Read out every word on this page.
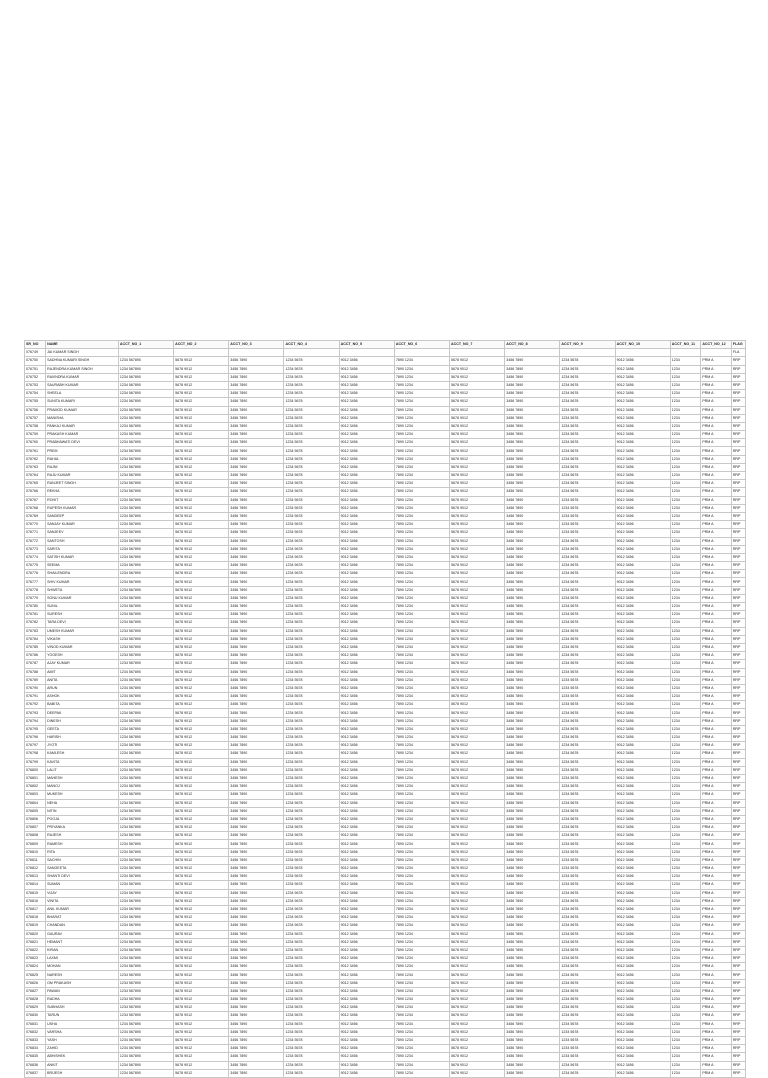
SR_NO	NAME	ACCT_NO_1	ACCT_NO_2	ACCT_NO_3	ACCT_NO_4	ACCT_NO_5	ACCT_NO_6	ACCT_NO_7	ACCT_NO_8	ACCT_NO_9	ACCT_NO_10	ACCT_NO_11	ACCT_NO_12	FLAG
076749	JAI KUMAR SINGH													FLA
076750	SADHNA KUMARI SINGH	1234 567890	5678 9012	3456 7890	1234 5678	9012 3456	7890 1234	5678 9012	3456 7890	1234 5678	9012 3456	1234	PRM A	RRP
076751	RAJENDRA KUMAR SINGH	1234 567890	5678 9012	3456 7890	1234 5678	9012 3456	7890 1234	5678 9012	3456 7890	1234 5678	9012 3456	1234	PRM A	RRP
076752	RAVINDRA KUMAR	1234 567890	5678 9012	3456 7890	1234 5678	9012 3456	7890 1234	5678 9012	3456 7890	1234 5678	9012 3456	1234	PRM A	RRP
076753	SAURABH KUMAR	1234 567890	5678 9012	3456 7890	1234 5678	9012 3456	7890 1234	5678 9012	3456 7890	1234 5678	9012 3456	1234	PRM A	RRP
076754	SHEELA	1234 567890	5678 9012	3456 7890	1234 5678	9012 3456	7890 1234	5678 9012	3456 7890	1234 5678	9012 3456	1234	PRM A	RRP
076755	SUNITA KUMARI	1234 567890	5678 9012	3456 7890	1234 5678	9012 3456	7890 1234	5678 9012	3456 7890	1234 5678	9012 3456	1234	PRM A	RRP
076756	PRAMOD KUMAR	1234 567890	5678 9012	3456 7890	1234 5678	9012 3456	7890 1234	5678 9012	3456 7890	1234 5678	9012 3456	1234	PRM A	RRP
076757	MANISHA	1234 567890	5678 9012	3456 7890	1234 5678	9012 3456	7890 1234	5678 9012	3456 7890	1234 5678	9012 3456	1234	PRM A	RRP
076758	PANKAJ KUMAR	1234 567890	5678 9012	3456 7890	1234 5678	9012 3456	7890 1234	5678 9012	3456 7890	1234 5678	9012 3456	1234	PRM A	RRP
076759	PRAKASH KUMAR	1234 567890	5678 9012	3456 7890	1234 5678	9012 3456	7890 1234	5678 9012	3456 7890	1234 5678	9012 3456	1234	PRM A	RRP
076760	PRABHAWATI DEVI	1234 567890	5678 9012	3456 7890	1234 5678	9012 3456	7890 1234	5678 9012	3456 7890	1234 5678	9012 3456	1234	PRM A	RRP
076761	PREM	1234 567890	5678 9012	3456 7890	1234 5678	9012 3456	7890 1234	5678 9012	3456 7890	1234 5678	9012 3456	1234	PRM A	RRP
076762	RAHUL	1234 567890	5678 9012	3456 7890	1234 5678	9012 3456	7890 1234	5678 9012	3456 7890	1234 5678	9012 3456	1234	PRM A	RRP
076763	RAJNI	1234 567890	5678 9012	3456 7890	1234 5678	9012 3456	7890 1234	5678 9012	3456 7890	1234 5678	9012 3456	1234	PRM A	RRP
076764	RAJU KUMAR	1234 567890	5678 9012	3456 7890	1234 5678	9012 3456	7890 1234	5678 9012	3456 7890	1234 5678	9012 3456	1234	PRM A	RRP
076765	RANJEET SINGH	1234 567890	5678 9012	3456 7890	1234 5678	9012 3456	7890 1234	5678 9012	3456 7890	1234 5678	9012 3456	1234	PRM A	RRP
076766	REKHA	1234 567890	5678 9012	3456 7890	1234 5678	9012 3456	7890 1234	5678 9012	3456 7890	1234 5678	9012 3456	1234	PRM A	RRP
076767	ROHIT	1234 567890	5678 9012	3456 7890	1234 5678	9012 3456	7890 1234	5678 9012	3456 7890	1234 5678	9012 3456	1234	PRM A	RRP
076768	RUPESH KUMAR	1234 567890	5678 9012	3456 7890	1234 5678	9012 3456	7890 1234	5678 9012	3456 7890	1234 5678	9012 3456	1234	PRM A	RRP
076769	SANDEEP	1234 567890	5678 9012	3456 7890	1234 5678	9012 3456	7890 1234	5678 9012	3456 7890	1234 5678	9012 3456	1234	PRM A	RRP
076770	SANJAY KUMAR	1234 567890	5678 9012	3456 7890	1234 5678	9012 3456	7890 1234	5678 9012	3456 7890	1234 5678	9012 3456	1234	PRM A	RRP
076771	SANJEEV	1234 567890	5678 9012	3456 7890	1234 5678	9012 3456	7890 1234	5678 9012	3456 7890	1234 5678	9012 3456	1234	PRM A	RRP
076772	SANTOSH	1234 567890	5678 9012	3456 7890	1234 5678	9012 3456	7890 1234	5678 9012	3456 7890	1234 5678	9012 3456	1234	PRM A	RRP
076773	SARITA	1234 567890	5678 9012	3456 7890	1234 5678	9012 3456	7890 1234	5678 9012	3456 7890	1234 5678	9012 3456	1234	PRM A	RRP
076774	SATISH KUMAR	1234 567890	5678 9012	3456 7890	1234 5678	9012 3456	7890 1234	5678 9012	3456 7890	1234 5678	9012 3456	1234	PRM A	RRP
076775	SEEMA	1234 567890	5678 9012	3456 7890	1234 5678	9012 3456	7890 1234	5678 9012	3456 7890	1234 5678	9012 3456	1234	PRM A	RRP
076776	SHAILENDRA	1234 567890	5678 9012	3456 7890	1234 5678	9012 3456	7890 1234	5678 9012	3456 7890	1234 5678	9012 3456	1234	PRM A	RRP
076777	SHIV KUMAR	1234 567890	5678 9012	3456 7890	1234 5678	9012 3456	7890 1234	5678 9012	3456 7890	1234 5678	9012 3456	1234	PRM A	RRP
076778	SHWETA	1234 567890	5678 9012	3456 7890	1234 5678	9012 3456	7890 1234	5678 9012	3456 7890	1234 5678	9012 3456	1234	PRM A	RRP
076779	SONU KUMAR	1234 567890	5678 9012	3456 7890	1234 5678	9012 3456	7890 1234	5678 9012	3456 7890	1234 5678	9012 3456	1234	PRM A	RRP
076780	SUNIL	1234 567890	5678 9012	3456 7890	1234 5678	9012 3456	7890 1234	5678 9012	3456 7890	1234 5678	9012 3456	1234	PRM A	RRP
076781	SURESH	1234 567890	5678 9012	3456 7890	1234 5678	9012 3456	7890 1234	5678 9012	3456 7890	1234 5678	9012 3456	1234	PRM A	RRP
076782	TARA DEVI	1234 567890	5678 9012	3456 7890	1234 5678	9012 3456	7890 1234	5678 9012	3456 7890	1234 5678	9012 3456	1234	PRM A	RRP
076783	UMESH KUMAR	1234 567890	5678 9012	3456 7890	1234 5678	9012 3456	7890 1234	5678 9012	3456 7890	1234 5678	9012 3456	1234	PRM A	RRP
076784	VIKASH	1234 567890	5678 9012	3456 7890	1234 5678	9012 3456	7890 1234	5678 9012	3456 7890	1234 5678	9012 3456	1234	PRM A	RRP
076785	VINOD KUMAR	1234 567890	5678 9012	3456 7890	1234 5678	9012 3456	7890 1234	5678 9012	3456 7890	1234 5678	9012 3456	1234	PRM A	RRP
076786	YOGESH	1234 567890	5678 9012	3456 7890	1234 5678	9012 3456	7890 1234	5678 9012	3456 7890	1234 5678	9012 3456	1234	PRM A	RRP
076787	AJAY KUMAR	1234 567890	5678 9012	3456 7890	1234 5678	9012 3456	7890 1234	5678 9012	3456 7890	1234 5678	9012 3456	1234	PRM A	RRP
076788	AMIT	1234 567890	5678 9012	3456 7890	1234 5678	9012 3456	7890 1234	5678 9012	3456 7890	1234 5678	9012 3456	1234	PRM A	RRP
076789	ANITA	1234 567890	5678 9012	3456 7890	1234 5678	9012 3456	7890 1234	5678 9012	3456 7890	1234 5678	9012 3456	1234	PRM A	RRP
076790	ARUN	1234 567890	5678 9012	3456 7890	1234 5678	9012 3456	7890 1234	5678 9012	3456 7890	1234 5678	9012 3456	1234	PRM A	RRP
076791	ASHOK	1234 567890	5678 9012	3456 7890	1234 5678	9012 3456	7890 1234	5678 9012	3456 7890	1234 5678	9012 3456	1234	PRM A	RRP
076792	BABITA	1234 567890	5678 9012	3456 7890	1234 5678	9012 3456	7890 1234	5678 9012	3456 7890	1234 5678	9012 3456	1234	PRM A	RRP
076793	DEEPAK	1234 567890	5678 9012	3456 7890	1234 5678	9012 3456	7890 1234	5678 9012	3456 7890	1234 5678	9012 3456	1234	PRM A	RRP
076794	DINESH	1234 567890	5678 9012	3456 7890	1234 5678	9012 3456	7890 1234	5678 9012	3456 7890	1234 5678	9012 3456	1234	PRM A	RRP
076795	GEETA	1234 567890	5678 9012	3456 7890	1234 5678	9012 3456	7890 1234	5678 9012	3456 7890	1234 5678	9012 3456	1234	PRM A	RRP
076796	HARISH	1234 567890	5678 9012	3456 7890	1234 5678	9012 3456	7890 1234	5678 9012	3456 7890	1234 5678	9012 3456	1234	PRM A	RRP
076797	JYOTI	1234 567890	5678 9012	3456 7890	1234 5678	9012 3456	7890 1234	5678 9012	3456 7890	1234 5678	9012 3456	1234	PRM A	RRP
076798	KAMLESH	1234 567890	5678 9012	3456 7890	1234 5678	9012 3456	7890 1234	5678 9012	3456 7890	1234 5678	9012 3456	1234	PRM A	RRP
076799	KAVITA	1234 567890	5678 9012	3456 7890	1234 5678	9012 3456	7890 1234	5678 9012	3456 7890	1234 5678	9012 3456	1234	PRM A	RRP
076800	LALIT	1234 567890	5678 9012	3456 7890	1234 5678	9012 3456	7890 1234	5678 9012	3456 7890	1234 5678	9012 3456	1234	PRM A	RRP
076801	MAHESH	1234 567890	5678 9012	3456 7890	1234 5678	9012 3456	7890 1234	5678 9012	3456 7890	1234 5678	9012 3456	1234	PRM A	RRP
076802	MANOJ	1234 567890	5678 9012	3456 7890	1234 5678	9012 3456	7890 1234	5678 9012	3456 7890	1234 5678	9012 3456	1234	PRM A	RRP
076803	MUKESH	1234 567890	5678 9012	3456 7890	1234 5678	9012 3456	7890 1234	5678 9012	3456 7890	1234 5678	9012 3456	1234	PRM A	RRP
076804	NEHA	1234 567890	5678 9012	3456 7890	1234 5678	9012 3456	7890 1234	5678 9012	3456 7890	1234 5678	9012 3456	1234	PRM A	RRP
076805	NITIN	1234 567890	5678 9012	3456 7890	1234 5678	9012 3456	7890 1234	5678 9012	3456 7890	1234 5678	9012 3456	1234	PRM A	RRP
076806	POOJA	1234 567890	5678 9012	3456 7890	1234 5678	9012 3456	7890 1234	5678 9012	3456 7890	1234 5678	9012 3456	1234	PRM A	RRP
076807	PRIYANKA	1234 567890	5678 9012	3456 7890	1234 5678	9012 3456	7890 1234	5678 9012	3456 7890	1234 5678	9012 3456	1234	PRM A	RRP
076808	RAJESH	1234 567890	5678 9012	3456 7890	1234 5678	9012 3456	7890 1234	5678 9012	3456 7890	1234 5678	9012 3456	1234	PRM A	RRP
076809	RAMESH	1234 567890	5678 9012	3456 7890	1234 5678	9012 3456	7890 1234	5678 9012	3456 7890	1234 5678	9012 3456	1234	PRM A	RRP
076810	RITA	1234 567890	5678 9012	3456 7890	1234 5678	9012 3456	7890 1234	5678 9012	3456 7890	1234 5678	9012 3456	1234	PRM A	RRP
076811	SACHIN	1234 567890	5678 9012	3456 7890	1234 5678	9012 3456	7890 1234	5678 9012	3456 7890	1234 5678	9012 3456	1234	PRM A	RRP
076812	SANGEETA	1234 567890	5678 9012	3456 7890	1234 5678	9012 3456	7890 1234	5678 9012	3456 7890	1234 5678	9012 3456	1234	PRM A	RRP
076813	SHANTI DEVI	1234 567890	5678 9012	3456 7890	1234 5678	9012 3456	7890 1234	5678 9012	3456 7890	1234 5678	9012 3456	1234	PRM A	RRP
076814	SUMAN	1234 567890	5678 9012	3456 7890	1234 5678	9012 3456	7890 1234	5678 9012	3456 7890	1234 5678	9012 3456	1234	PRM A	RRP
076815	VIJAY	1234 567890	5678 9012	3456 7890	1234 5678	9012 3456	7890 1234	5678 9012	3456 7890	1234 5678	9012 3456	1234	PRM A	RRP
076816	VINITA	1234 567890	5678 9012	3456 7890	1234 5678	9012 3456	7890 1234	5678 9012	3456 7890	1234 5678	9012 3456	1234	PRM A	RRP
076817	ANIL KUMAR	1234 567890	5678 9012	3456 7890	1234 5678	9012 3456	7890 1234	5678 9012	3456 7890	1234 5678	9012 3456	1234	PRM A	RRP
076818	BHARAT	1234 567890	5678 9012	3456 7890	1234 5678	9012 3456	7890 1234	5678 9012	3456 7890	1234 5678	9012 3456	1234	PRM A	RRP
076819	CHANDAN	1234 567890	5678 9012	3456 7890	1234 5678	9012 3456	7890 1234	5678 9012	3456 7890	1234 5678	9012 3456	1234	PRM A	RRP
076820	GAURAV	1234 567890	5678 9012	3456 7890	1234 5678	9012 3456	7890 1234	5678 9012	3456 7890	1234 5678	9012 3456	1234	PRM A	RRP
076821	HEMANT	1234 567890	5678 9012	3456 7890	1234 5678	9012 3456	7890 1234	5678 9012	3456 7890	1234 5678	9012 3456	1234	PRM A	RRP
076822	KIRAN	1234 567890	5678 9012	3456 7890	1234 5678	9012 3456	7890 1234	5678 9012	3456 7890	1234 5678	9012 3456	1234	PRM A	RRP
076823	LAXMI	1234 567890	5678 9012	3456 7890	1234 5678	9012 3456	7890 1234	5678 9012	3456 7890	1234 5678	9012 3456	1234	PRM A	RRP
076824	MOHAN	1234 567890	5678 9012	3456 7890	1234 5678	9012 3456	7890 1234	5678 9012	3456 7890	1234 5678	9012 3456	1234	PRM A	RRP
076825	NARESH	1234 567890	5678 9012	3456 7890	1234 5678	9012 3456	7890 1234	5678 9012	3456 7890	1234 5678	9012 3456	1234	PRM A	RRP
076826	OM PRAKASH	1234 567890	5678 9012	3456 7890	1234 5678	9012 3456	7890 1234	5678 9012	3456 7890	1234 5678	9012 3456	1234	PRM A	RRP
076827	PAWAN	1234 567890	5678 9012	3456 7890	1234 5678	9012 3456	7890 1234	5678 9012	3456 7890	1234 5678	9012 3456	1234	PRM A	RRP
076828	RADHA	1234 567890	5678 9012	3456 7890	1234 5678	9012 3456	7890 1234	5678 9012	3456 7890	1234 5678	9012 3456	1234	PRM A	RRP
076829	SUBHASH	1234 567890	5678 9012	3456 7890	1234 5678	9012 3456	7890 1234	5678 9012	3456 7890	1234 5678	9012 3456	1234	PRM A	RRP
076830	TARUN	1234 567890	5678 9012	3456 7890	1234 5678	9012 3456	7890 1234	5678 9012	3456 7890	1234 5678	9012 3456	1234	PRM A	RRP
076831	USHA	1234 567890	5678 9012	3456 7890	1234 5678	9012 3456	7890 1234	5678 9012	3456 7890	1234 5678	9012 3456	1234	PRM A	RRP
076832	VARSHA	1234 567890	5678 9012	3456 7890	1234 5678	9012 3456	7890 1234	5678 9012	3456 7890	1234 5678	9012 3456	1234	PRM A	RRP
076833	YASH	1234 567890	5678 9012	3456 7890	1234 5678	9012 3456	7890 1234	5678 9012	3456 7890	1234 5678	9012 3456	1234	PRM A	RRP
076834	ZAHID	1234 567890	5678 9012	3456 7890	1234 5678	9012 3456	7890 1234	5678 9012	3456 7890	1234 5678	9012 3456	1234	PRM A	RRP
076835	ABHISHEK	1234 567890	5678 9012	3456 7890	1234 5678	9012 3456	7890 1234	5678 9012	3456 7890	1234 5678	9012 3456	1234	PRM A	RRP
076836	ANKIT	1234 567890	5678 9012	3456 7890	1234 5678	9012 3456	7890 1234	5678 9012	3456 7890	1234 5678	9012 3456	1234	PRM A	RRP
076837	BRIJESH	1234 567890	5678 9012	3456 7890	1234 5678	9012 3456	7890 1234	5678 9012	3456 7890	1234 5678	9012 3456	1234	PRM A	RRP
